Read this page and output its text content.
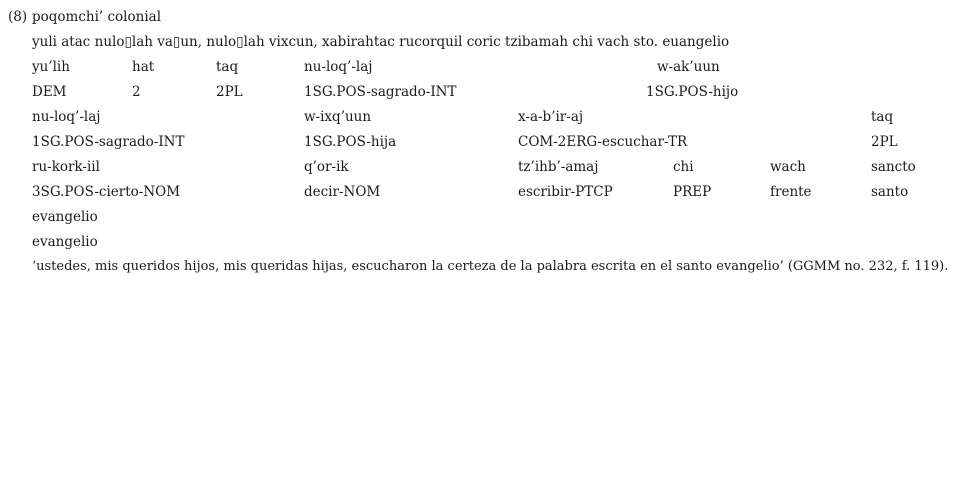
(8) poqomchi’ colonial
yuli atac nulo▯lah va▯un, nulo▯lah vixcun, xabirahtac rucorquil coric tzibamah chi vach sto. euangelio
yu’lih	hat	taq	nu-loq’-laj	w-ak’uun
DEM	2	2PL	1SG.POS-sagrado-INT	1SG.POS-hijo
nu-loq’-laj	w-ixq’uun	x-a-b’ir-aj	taq
1SG.POS-sagrado-INT	1SG.POS-hija	COM-2ERG-escuchar-TR	2PL
ru-kork-iil	q’or-ik	tz’ihb’-amaj	chi	wach	sancto
3SG.POS-cierto-NOM	decir-NOM	escribir-PTCP	PREP	frente	santo
evangelio
evangelio
‘ustedes, mis queridos hijos, mis queridas hijas, escucharon la certeza de la palabra escrita en el santo evangelio’ (GGMM no. 232, f. 119).
